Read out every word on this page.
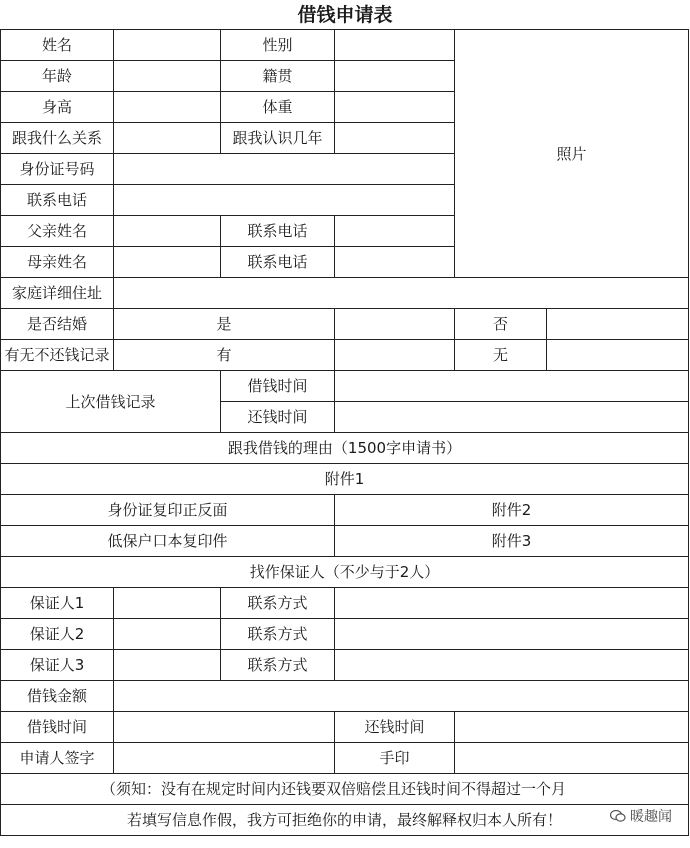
借钱申请表
姓名		性别		照片	
年龄		籍贯			
身高		体重			
跟我什么关系		跟我认识几年			
身份证号码					
联系电话					
父亲姓名		联系电话			
母亲姓名		联系电话			
家庭详细住址					
是否结婚	是			否	
有无不还钱记录	有			无	
上次借钱记录		借钱时间			
		还钱时间			
跟我借钱的理由（1500字申请书）					
附件1					
身份证复印正反面			附件2		
低保户口本复印件			附件3		
找作保证人（不少与于2人）					
保证人1		联系方式			
保证人2		联系方式			
保证人3		联系方式			
借钱金额					
借钱时间			还钱时间		
申请人签字			手印		
（须知：没有在规定时间内还钱要双倍赔偿且还钱时间不得超过一个月					
若填写信息作假，我方可拒绝你的申请，最终解释权归本人所有！						暖趣闻
